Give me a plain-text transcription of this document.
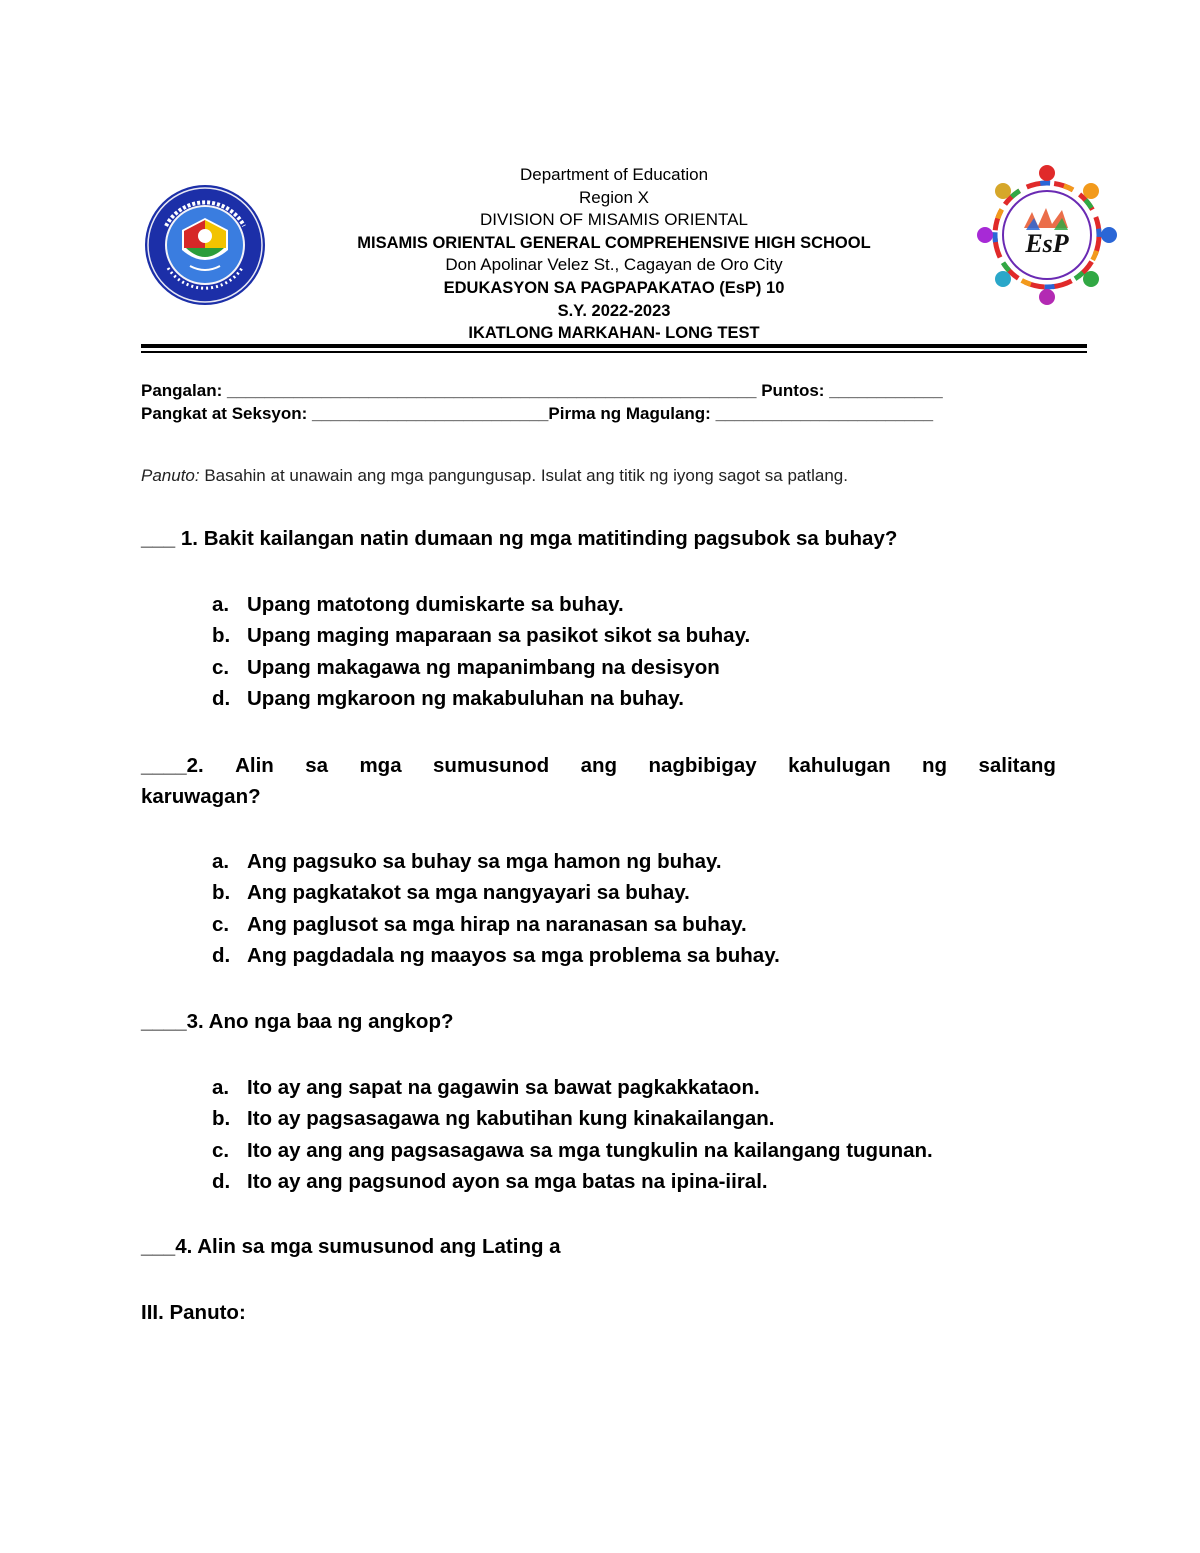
EsP
Department of Education
Region X
DIVISION OF MISAMIS ORIENTAL
MISAMIS ORIENTAL GENERAL COMPREHENSIVE HIGH SCHOOL
Don Apolinar Velez St., Cagayan de Oro City
EDUKASYON SA PAGPAPAKATAO (EsP) 10
S.Y. 2022-2023
IKATLONG MARKAHAN- LONG TEST
Pangalan: ________________________________________________________ Puntos: ____________
Pangkat at Seksyon: _________________________Pirma ng Magulang: _______________________
Panuto: Basahin at unawain ang mga pangungusap. Isulat ang titik ng iyong sagot sa patlang.
___ 1. Bakit kailangan natin dumaan ng mga matitinding pagsubok sa buhay?
a. Upang matotong dumiskarte sa buhay.
b. Upang maging maparaan sa pasikot sikot sa buhay.
c. Upang makagawa ng mapanimbang na desisyon
d. Upang mgkaroon ng makabuluhan na buhay.
____2. Alin sa mga sumusunod ang nagbibigay kahulugan ng salitang
karuwagan?
a. Ang pagsuko sa buhay sa mga hamon ng buhay.
b. Ang pagkatakot sa mga nangyayari sa buhay.
c. Ang paglusot sa mga hirap na naranasan sa buhay.
d. Ang pagdadala ng maayos sa mga problema sa buhay.
____3. Ano nga baa ng angkop?
a. Ito ay ang sapat na gagawin sa bawat pagkakkataon.
b. Ito ay pagsasagawa ng kabutihan kung kinakailangan.
c. Ito ay ang ang pagsasagawa sa mga tungkulin na kailangang tugunan.
d. Ito ay ang pagsunod ayon sa mga batas na ipina-iiral.
___4. Alin sa mga sumusunod ang Lating a
III. Panuto:
